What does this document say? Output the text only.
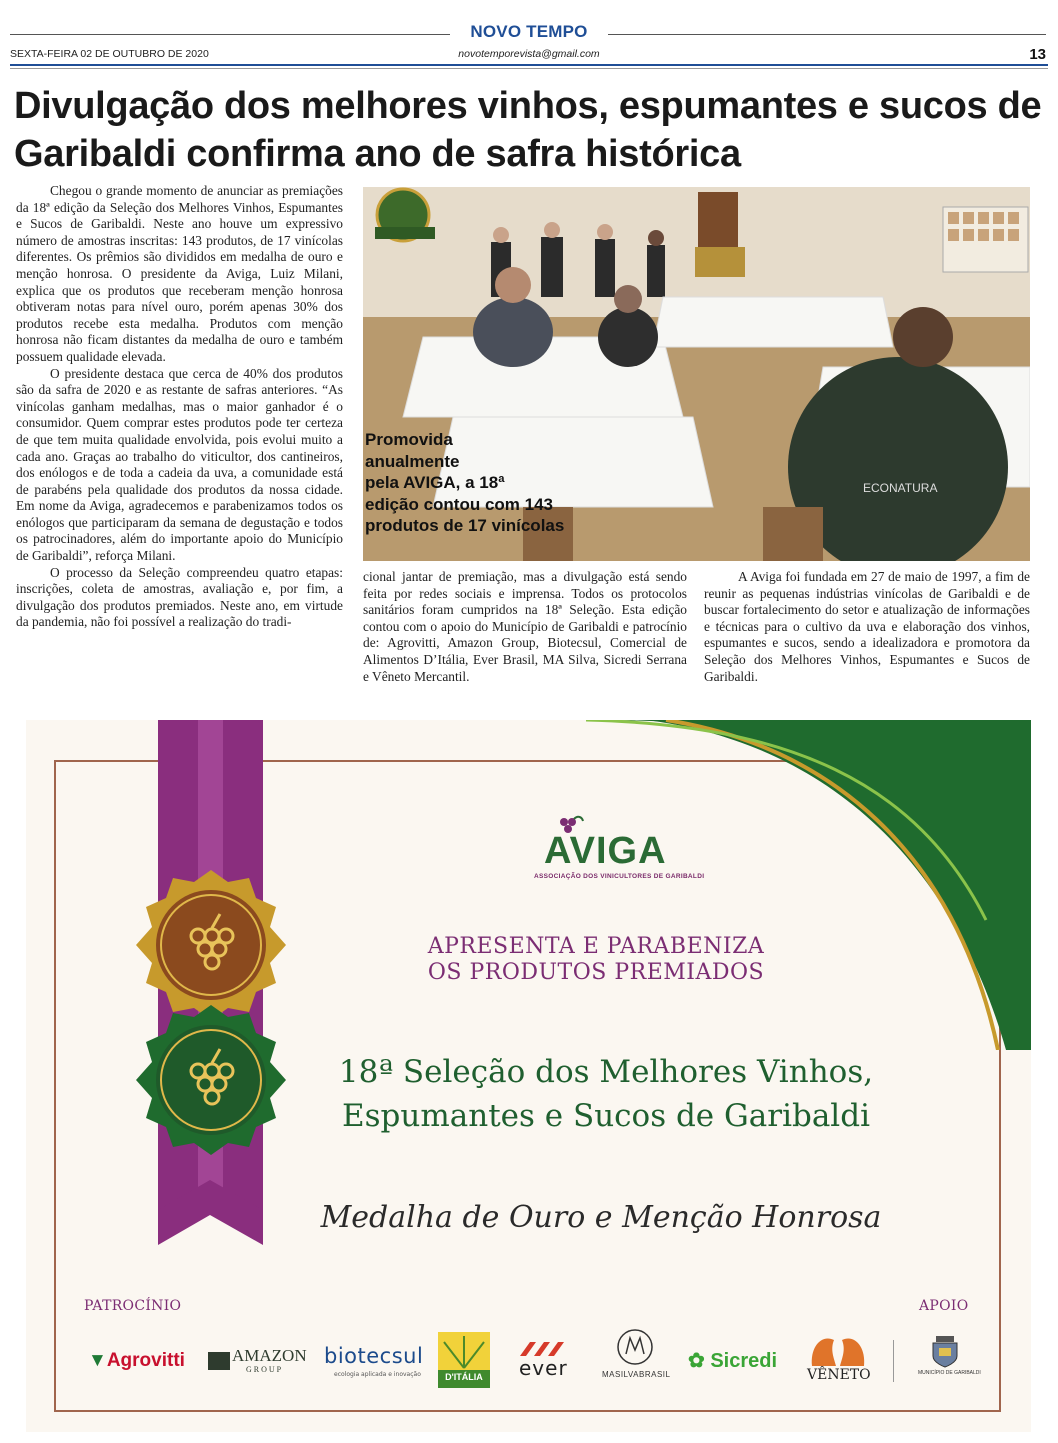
NOVO TEMPO
SEXTA-FEIRA 02 DE OUTUBRO DE 2020	novotemporevista@gmail.com	13
Divulgação dos melhores vinhos, espumantes e sucos de
Garibaldi confirma ano de safra histórica

Chegou o grande momento de anunciar as premiações da 18ª edição da Seleção dos Melhores Vinhos, Espumantes e Sucos de Garibaldi. Neste ano houve um expressivo número de amostras inscritas: 143 produtos, de 17 vinícolas diferentes. Os prêmios são divididos em medalha de ouro e menção honrosa. O presidente da Aviga, Luiz Milani, explica que os produtos que receberam menção honrosa obtiveram notas para nível ouro, porém apenas 30% dos produtos recebe esta medalha. Produtos com menção honrosa não ficam distantes da medalha de ouro e também possuem qualidade elevada.

O presidente destaca que cerca de 40% dos produtos são da safra de 2020 e as restante de safras anteriores. “As vinícolas ganham medalhas, mas o maior ganhador é o consumidor. Quem comprar estes produtos pode ter certeza de que tem muita qualidade envolvida, pois evolui muito a cada ano. Graças ao trabalho do viticultor, dos cantineiros, dos enólogos e de toda a cadeia da uva, a comunidade está de parabéns pela qualidade dos produtos da nossa cidade. Em nome da Aviga, agradecemos e parabenizamos todos os enólogos que participaram da semana de degustação e todos os patrocinadores, além do importante apoio do Município de Garibaldi”, reforça Milani.

O processo da Seleção compreendeu quatro etapas: inscrições, coleta de amostras, avaliação e, por fim, a divulgação dos produtos premiados. Neste ano, em virtude da pandemia, não foi possível a realização do tradi-

ECONATURA
Promovida
anualmente
pela AVIGA, a 18ª
edição contou com 143
produtos de 17 vinícolas

cional jantar de premiação, mas a divulgação está sendo feita por redes sociais e imprensa. Todos os protocolos sanitários foram cumpridos na 18ª Seleção. Esta edição contou com o apoio do Município de Garibaldi e patrocínio de: Agrovitti, Amazon Group, Biotecsul, Comercial de Alimentos D’Itália, Ever Brasil, MA Silva, Sicredi Serrana e Vêneto Mercantil.

A Aviga foi fundada em 27 de maio de 1997, a fim de reunir as pequenas indústrias vinícolas de Garibaldi e de buscar fortalecimento do setor e atualização de informações e técnicas para o cultivo da uva e elaboração dos vinhos, espumantes e sucos, sendo a idealizadora e promotora da Seleção dos Melhores Vinhos, Espumantes e Sucos de Garibaldi.

AVIGA
ASSOCIAÇÃO DOS VINICULTORES DE GARIBALDI
APRESENTA E PARABENIZA
OS PRODUTOS PREMIADOS
18ª Seleção dos Melhores Vinhos,
Espumantes e Sucos de Garibaldi
Medalha de Ouro e Menção Honrosa
PATROCÍNIO	APOIO
▼Agrovitti	AMAZON
GROUP
biotecsul
ecologia aplicada e inovação	D'ITÁLIA	ever	MASILVABRASIL
✿ Sicredi
VÊNETO	MUNICÍPIO DE GARIBALDI
